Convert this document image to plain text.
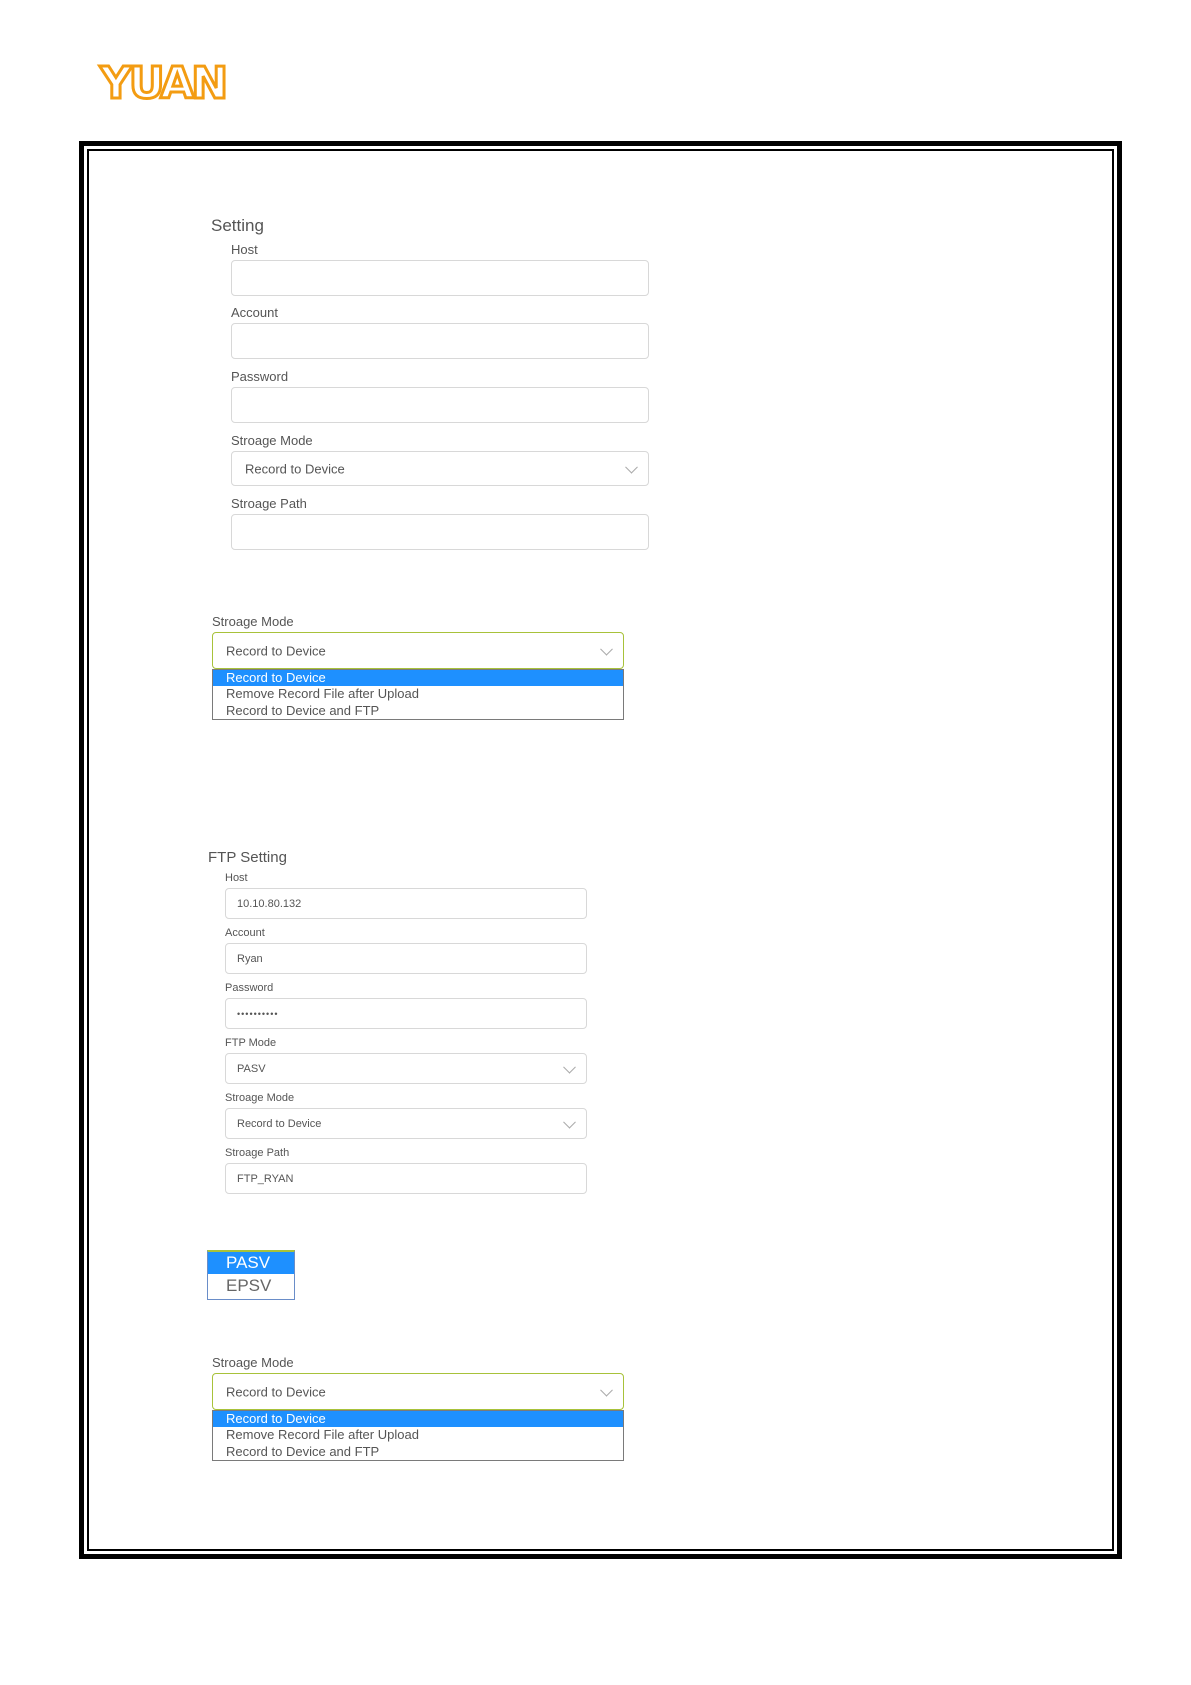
YUAN
Setting
Host
Account
Password
Stroage Mode
Record to Device
Stroage Path
Stroage Mode
Record to Device
Record to Device
Remove Record File after Upload
Record to Device and FTP
FTP Setting
Host
10.10.80.132
Account
Ryan
Password
••••••••••
FTP Mode
PASV
Stroage Mode
Record to Device
Stroage Path
FTP_RYAN
PASV
EPSV
Stroage Mode
Record to Device
Record to Device
Remove Record File after Upload
Record to Device and FTP
